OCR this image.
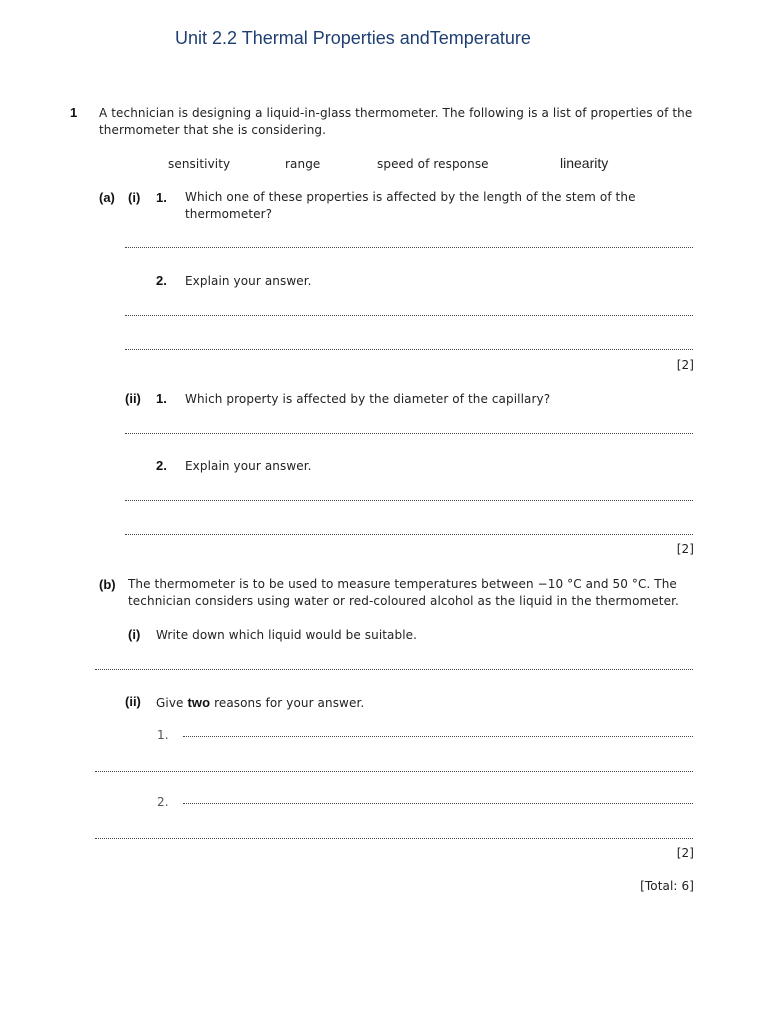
Unit 2.2 Thermal Properties andTemperature
1 A technician is designing a liquid-in-glass thermometer. The following is a list of properties of the
thermometer that she is considering.
sensitivity	range	speed of response	linearity
(a) (i) 1. Which one of these properties is affected by the length of the stem of the
thermometer?
2. Explain your answer.
[2]
(ii) 1. Which property is affected by the diameter of the capillary?
2. Explain your answer.
[2]
(b) The thermometer is to be used to measure temperatures between −10 °C and 50 °C. The
technician considers using water or red-coloured alcohol as the liquid in the thermometer.
(i) Write down which liquid would be suitable.
(ii) Give two reasons for your answer.
1.
2.
[2]
[Total: 6]
